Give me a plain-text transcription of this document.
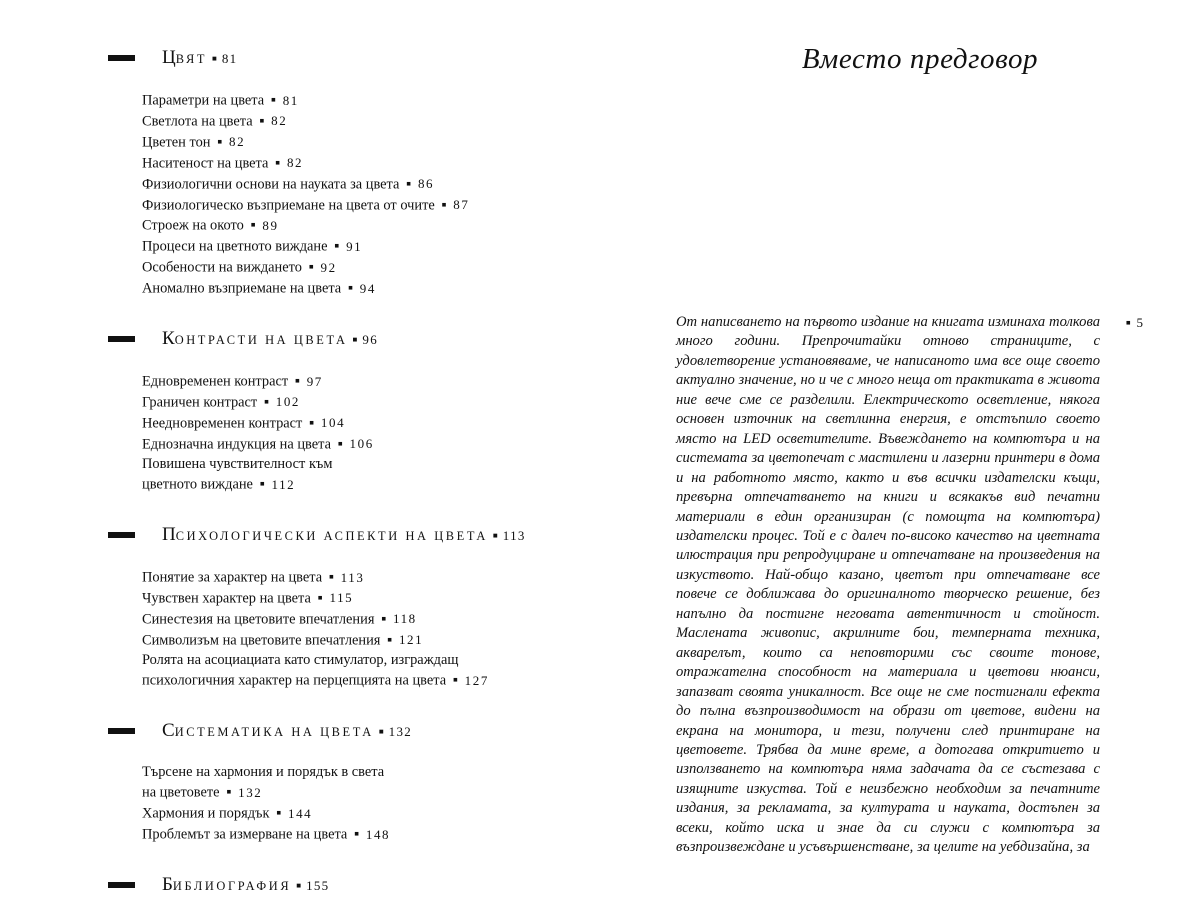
ЦВЯТ ■ 81
Параметри на цвета ■ 81
Светлота на цвета ■ 82
Цветен тон ■ 82
Наситеност на цвета ■ 82
Физиологични основи на науката за цвета ■ 86
Физиологическо възприемане на цвета от очите ■ 87
Строеж на окото ■ 89
Процеси на цветното виждане ■ 91
Особености на виждането ■ 92
Аномално възприемане на цвета ■ 94
КОНТРАСТИ НА ЦВЕТА ■ 96
Едновременен контраст ■ 97
Граничен контраст ■ 102
Неедновременен контраст ■ 104
Еднозначна индукция на цвета ■ 106
Повишена чувствителност към
цветното виждане ■ 112
ПСИХОЛОГИЧЕСКИ АСПЕКТИ НА ЦВЕТА ■ 113
Понятие за характер на цвета ■ 113
Чувствен характер на цвета ■ 115
Синестезия на цветовите впечатления ■ 118
Символизъм на цветовите впечатления ■ 121
Ролята на асоциациата като стимулатор, изграждащ
психологичния характер на перцепцията на цвета ■ 127
СИСТЕМАТИКА НА ЦВЕТА ■ 132
Търсене на хармония и порядък в света
на цветовете ■ 132
Хармония и порядък ■ 144
Проблемът за измерване на цвета ■ 148
БИБЛИОГРАФИЯ ■ 155
Вместо предговор
■ 5

От написването на първото издание на книгата изминаха толкова много години. Препрочитайки отново страниците, с удовлетворение установяваме, че написаното има все още своето актуално значение, но и че с много неща от практиката в живота ние вече сме се разделили. Електрическото осветление, някога основен източник на светлинна енергия, е отстъпило своето място на LED осветителите. Въвеждането на компютъра и на системата за цветопечат с мастилени и лазерни принтери в дома и на работното място, както и във всички издателски къщи, превърна отпечатването на книги и всякакъв вид печатни материали в един организиран (с помощта на компютъра) издателски процес. Той е с далеч по-високо качество на цветната илюстрация при репродуциране и отпечатване на произведения на изкуството. Най-общо казано, цветът при отпечатване все повече се доближава до оригиналното творческо решение, без напълно да постигне неговата автентичност и стойност. Маслената живопис, акрилните бои, темперната техника, акварелът, които са неповторими със своите тонове, отражателна способност на материала и цветови нюанси, запазват своята уникалност. Все още не сме постигнали ефекта до пълна възпроизводимост на образи от цветове, видени на екрана на монитора, и тези, получени след принтиране на цветовете. Трябва да мине време, а дотогава откритието и използването на компютъра няма задачата да се състезава с изящните изкуства. Той е неизбежно необходим за печатните издания, за рекламата, за културата и науката, достъпен за всеки, който иска и знае да си служи с компютъра за възпроизвеждане и усъвършенстване, за целите на уебдизайна, за
